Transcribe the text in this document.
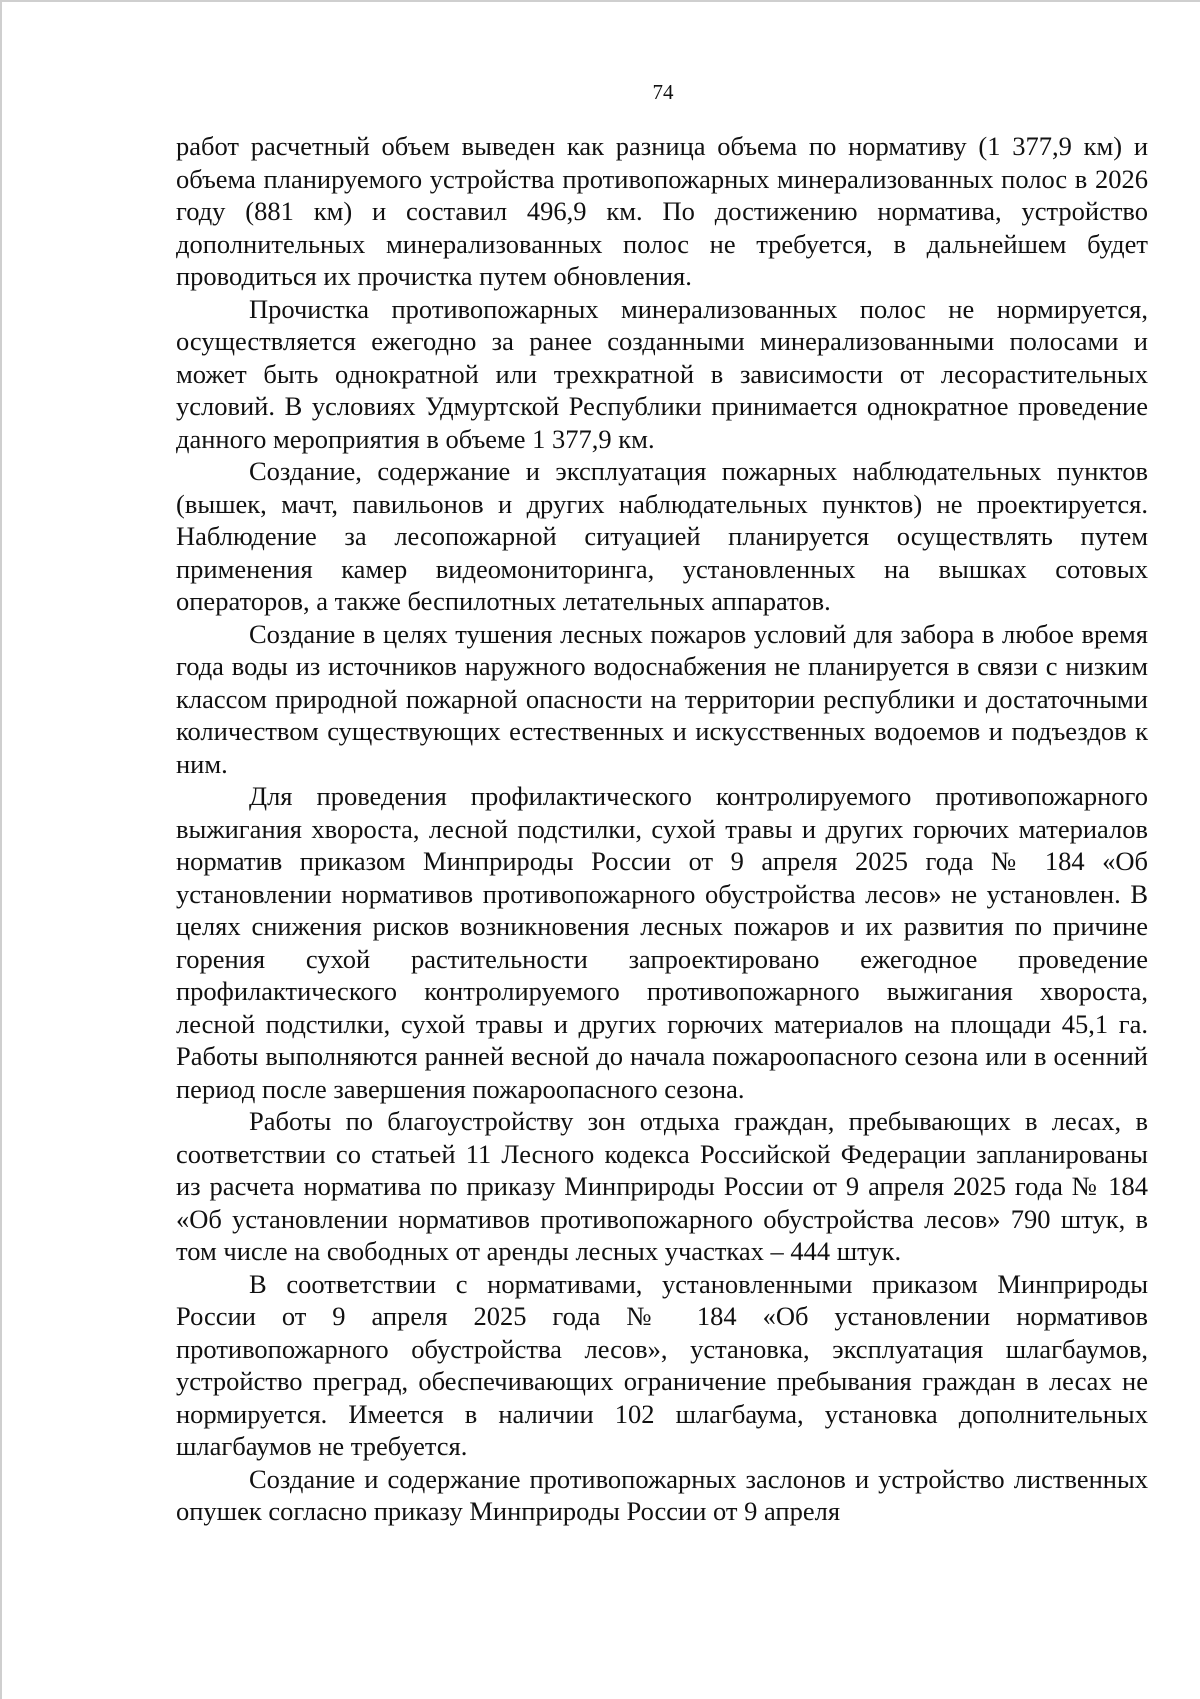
74

работ расчетный объем выведен как разница объема по нормативу (1 377,9 км) и объема планируемого устройства противопожарных минерализованных полос в 2026 году (881 км) и составил 496,9 км. По достижению норматива, устройство дополнительных минерализованных полос не требуется, в дальнейшем будет проводиться их прочистка путем обновления.

Прочистка противопожарных минерализованных полос не нормируется, осуществляется ежегодно за ранее созданными минерализованными полосами и может быть однократной или трехкратной в зависимости от лесорастительных условий. В условиях Удмуртской Республики принимается однократное проведение данного мероприятия в объеме 1 377,9 км.

Создание, содержание и эксплуатация пожарных наблюдательных пунктов (вышек, мачт, павильонов и других наблюдательных пунктов) не проектируется. Наблюдение за лесопожарной ситуацией планируется осуществлять путем применения камер видеомониторинга, установленных на вышках сотовых операторов, а также беспилотных летательных аппаратов.

Создание в целях тушения лесных пожаров условий для забора в любое время года воды из источников наружного водоснабжения не планируется в связи с низким классом природной пожарной опасности на территории республики и достаточными количеством существующих естественных и искусственных водоемов и подъездов к ним.

Для проведения профилактического контролируемого противопожарного выжигания хвороста, лесной подстилки, сухой травы и других горючих материалов норматив приказом Минприроды России от 9 апреля 2025 года № 184 «Об установлении нормативов противопожарного обустройства лесов» не установлен. В целях снижения рисков возникновения лесных пожаров и их развития по причине горения сухой растительности запроектировано ежегодное проведение профилактического контролируемого противопожарного выжигания хвороста, лесной подстилки, сухой травы и других горючих материалов на площади 45,1 га. Работы выполняются ранней весной до начала пожароопасного сезона или в осенний период после завершения пожароопасного сезона.

Работы по благоустройству зон отдыха граждан, пребывающих в лесах, в соответствии со статьей 11 Лесного кодекса Российской Федерации запланированы из расчета норматива по приказу Минприроды России от 9 апреля 2025 года № 184 «Об установлении нормативов противопожарного обустройства лесов» 790 штук, в том числе на свободных от аренды лесных участках – 444 штук.

В соответствии с нормативами, установленными приказом Минприроды России от 9 апреля 2025 года № 184 «Об установлении нормативов противопожарного обустройства лесов», установка, эксплуатация шлагбаумов, устройство преград, обеспечивающих ограничение пребывания граждан в лесах не нормируется. Имеется в наличии 102 шлагбаума, установка дополнительных шлагбаумов не требуется.

Создание и содержание противопожарных заслонов и устройство лиственных опушек согласно приказу Минприроды России от 9 апреля
